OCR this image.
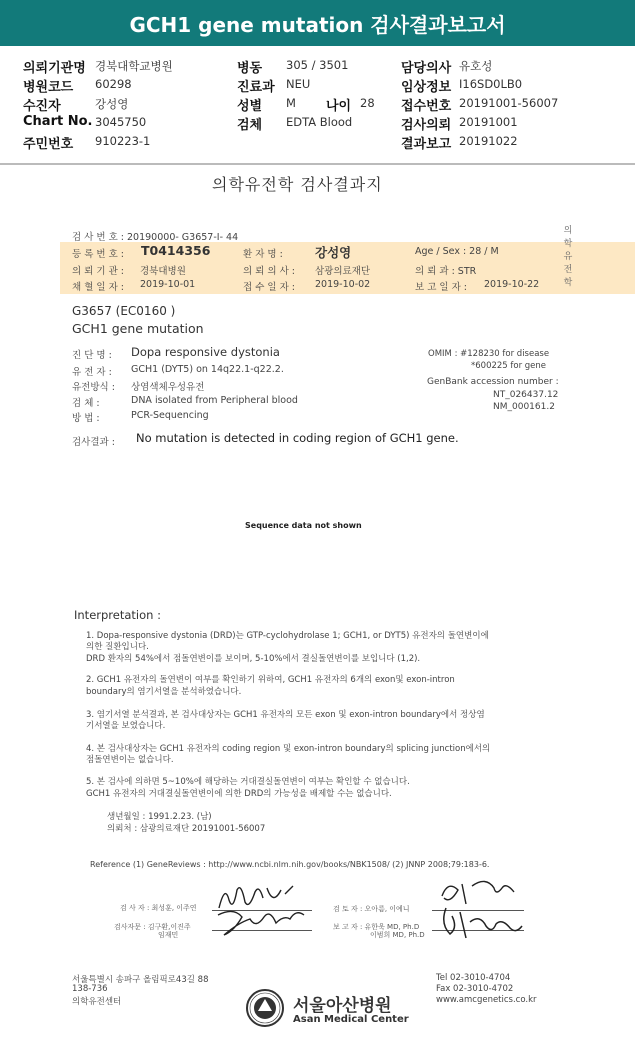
GCH1 gene mutation 검사결과보고서
의뢰기관명 경북대학교병원
병원코드 60298
수진자	강성영
Chart No. 3045750
주민번호 910223-1
병동 305 / 3501
진료과 NEU
성별 M 나이 28
검체 EDTA Blood
담당의사 유호성
임상정보 I16SD0LB0
접수번호 20191001-56007
검사의뢰 20191001
결과보고 20191022
의학유전학 검사결과지
의학유전학
검 사 번 호 : 20190000- G3657-I- 44
등 록 번 호 : T0414356	환 자 명 :	강성영	Age / Sex : 28 / M
의 뢰 기 관 : 경북대병원	의 뢰 의 사 : 삼광의료재단	의 뢰 과 : STR
채 혈 일 자 : 2019-10-01	접 수 일 자 : 2019-10-02	보 고 일 자 : 2019-10-22
G3657 (EC0160 )
GCH1 gene mutation
진 단 명 : Dopa responsive dystonia
유 전 자 : GCH1 (DYT5) on 14q22.1-q22.2.
유전방식 : 상염색체우성유전
검 체 :	DNA isolated from Peripheral blood
방 법 :	PCR-Sequencing
OMIM : #128230 for disease
*600225 for gene
GenBank accession number :
NT_026437.12
NM_000161.2
검사결과 : No mutation is detected in coding region of GCH1 gene.
Sequence data not shown
Interpretation :
1. Dopa-responsive dystonia (DRD)는 GTP-cyclohydrolase 1; GCH1, or DYT5) 유전자의 돌연변이에
의한 질환입니다.
DRD 환자의 54%에서 점돌연변이를 보이며, 5-10%에서 결실돌연변이를 보입니다 (1,2).
2. GCH1 유전자의 돌연변이 여부를 확인하기 위하여, GCH1 유전자의 6개의 exon및 exon-intron
boundary의 염기서열을 분석하였습니다.
3. 염기서열 분석결과, 본 검사대상자는 GCH1 유전자의 모든 exon 및 exon-intron boundary에서 정상염
기서열을 보였습니다.
4. 본 검사대상자는 GCH1 유전자의 coding region 및 exon-intron boundary의 splicing junction에서의
점돌연변이는 없습니다.
5. 본 검사에 의하면 5~10%에 해당하는 거대결실돌연변이 여부는 확인할 수 없습니다.
GCH1 유전자의 거대결실돌연변이에 의한 DRD의 가능성을 배제할 수는 없습니다.
생년월일 : 1991.2.23. (남)
의뢰처 : 삼광의료재단 20191001-56007
Reference (1) GeneReviews : http://www.ncbi.nlm.nih.gov/books/NBK1508/ (2) JNNP 2008;79:183-6.
검 사 자 : 최성훈, 이주연
검사자문 : 김구환,이진주
임재민
검 토 자 : 오아름, 이예니
보 고 자 : 유한욱 MD, Ph.D
이범희 MD, Ph.D
서울특별시 송파구 올림픽로43길 88
138-736
의학유전센터	서울아산병원
Asan Medical Center
Tel 02-3010-4704
Fax 02-3010-4702
www.amcgenetics.co.kr
